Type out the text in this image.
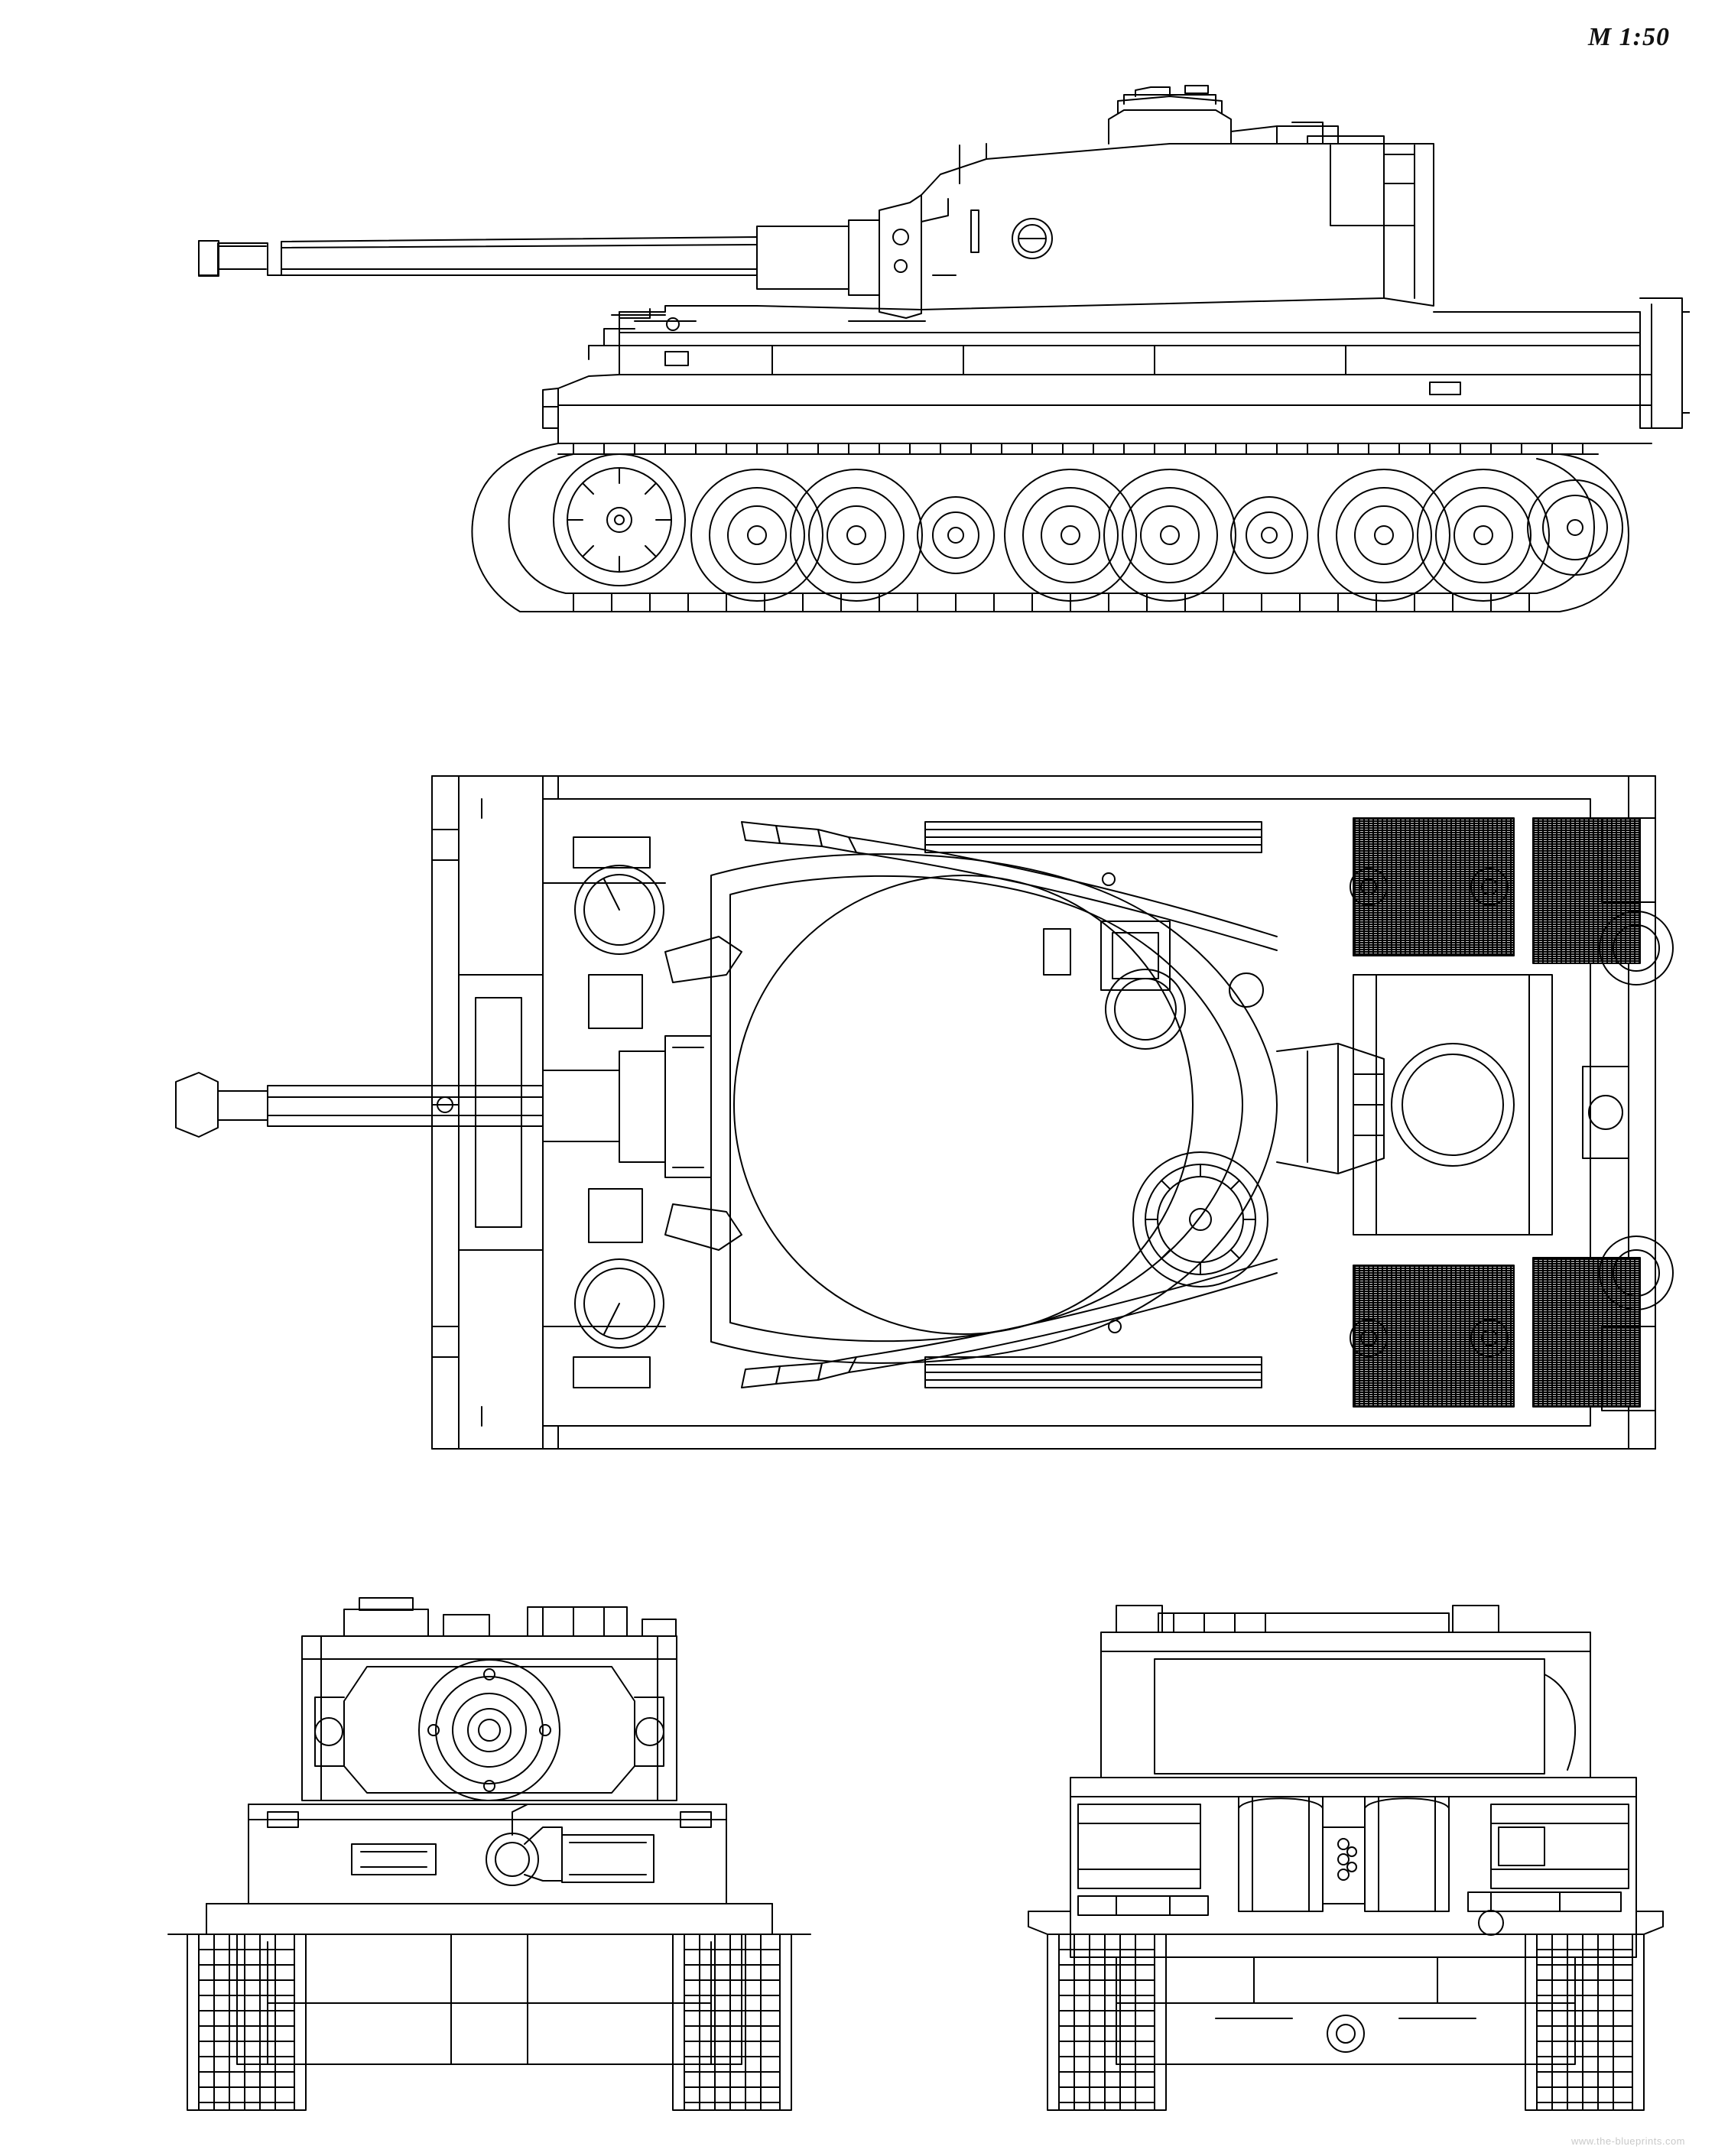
M 1:50
www.the-blueprints.com
